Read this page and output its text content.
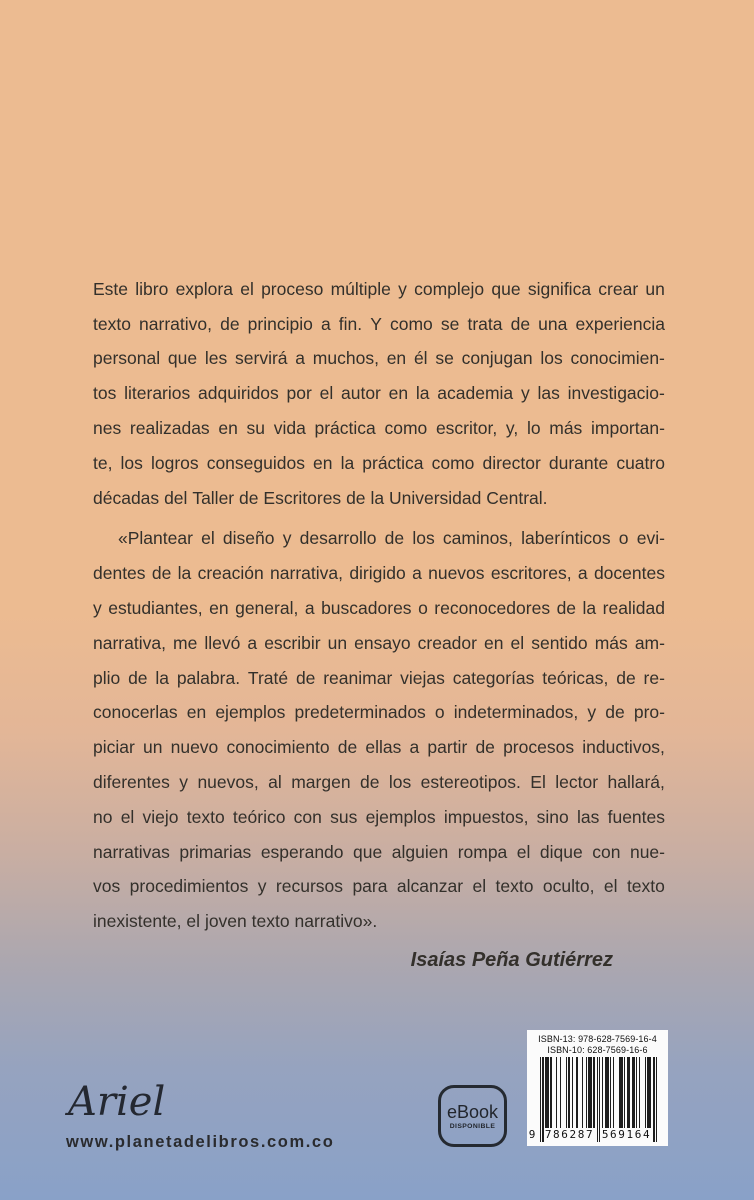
Este libro explora el proceso múltiple y complejo que significa crear un
texto narrativo, de principio a fin. Y como se trata de una experiencia
personal que les servirá a muchos, en él se conjugan los conocimien-
tos literarios adquiridos por el autor en la academia y las investigacio-
nes realizadas en su vida práctica como escritor, y, lo más importan-
te, los logros conseguidos en la práctica como director durante cuatro
décadas del Taller de Escritores de la Universidad Central.
«Plantear el diseño y desarrollo de los caminos, laberínticos o evi-
dentes de la creación narrativa, dirigido a nuevos escritores, a docentes
y estudiantes, en general, a buscadores o reconocedores de la realidad
narrativa, me llevó a escribir un ensayo creador en el sentido más am-
plio de la palabra. Traté de reanimar viejas categorías teóricas, de re-
conocerlas en ejemplos predeterminados o indeterminados, y de pro-
piciar un nuevo conocimiento de ellas a partir de procesos inductivos,
diferentes y nuevos, al margen de los estereotipos. El lector hallará,
no el viejo texto teórico con sus ejemplos impuestos, sino las fuentes
narrativas primarias esperando que alguien rompa el dique con nue-
vos procedimientos y recursos para alcanzar el texto oculto, el texto
inexistente, el joven texto narrativo».
Isaías Peña Gutiérrez
Ariel
www.planetadelibros.com.co
eBook
DISPONIBLE
ISBN-13: 978-628-7569-16-4
ISBN-10: 628-7569-16-6
9 786287 569164
